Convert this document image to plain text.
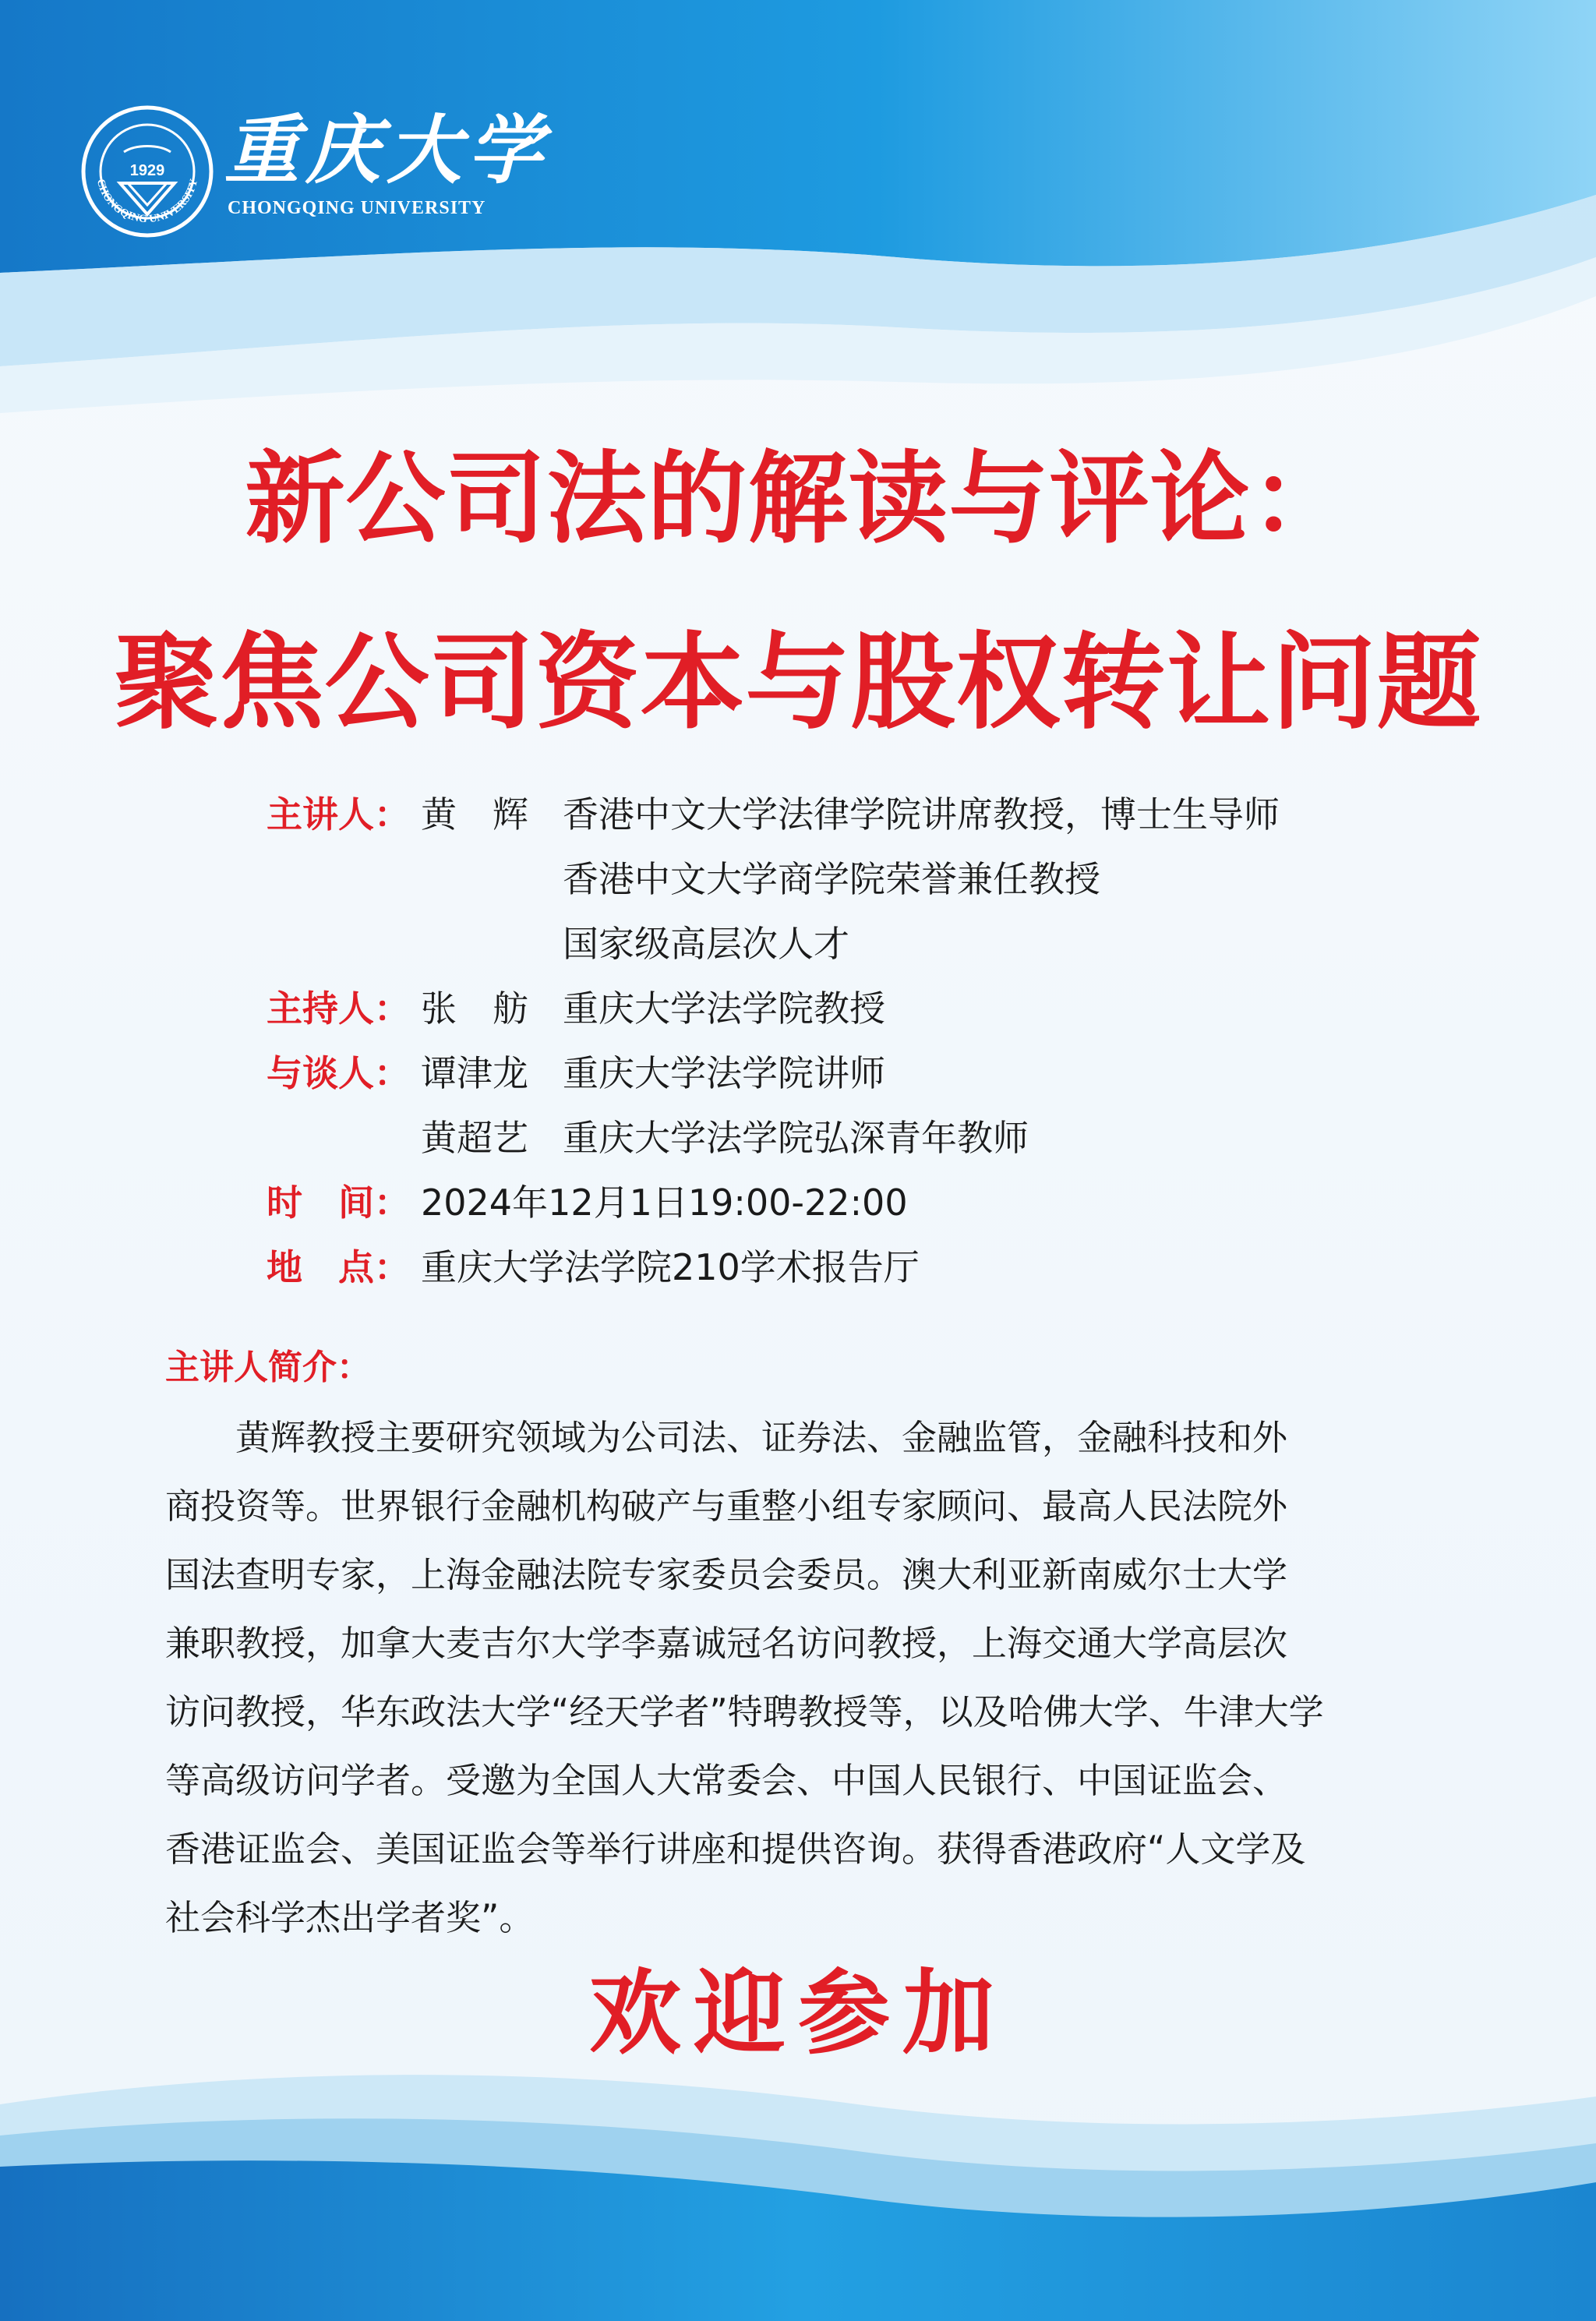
1929
CHONGQING UNIVERSITY 重庆大学
CHONGQING UNIVERSITY
新公司法的解读与评论：
聚焦公司资本与股权转让问题
主讲人： 黄　辉 香港中文大学法律学院讲席教授，博士生导师
香港中文大学商学院荣誉兼任教授
国家级高层次人才
主持人： 张　舫 重庆大学法学院教授
与谈人： 谭津龙 重庆大学法学院讲师
黄超艺 重庆大学法学院弘深青年教师
时　间： 2024年12月1日19:00-22:00
地　点： 重庆大学法学院210学术报告厅
主讲人简介：
　　黄辉教授主要研究领域为公司法、证券法、金融监管，金融科技和外
商投资等。世界银行金融机构破产与重整小组专家顾问、最高人民法院外
国法查明专家，上海金融法院专家委员会委员。澳大利亚新南威尔士大学
兼职教授，加拿大麦吉尔大学李嘉诚冠名访问教授，上海交通大学高层次
访问教授，华东政法大学“经天学者”特聘教授等，以及哈佛大学、牛津大学
等高级访问学者。受邀为全国人大常委会、中国人民银行、中国证监会、
香港证监会、美国证监会等举行讲座和提供咨询。获得香港政府“人文学及
社会科学杰出学者奖”。
欢迎参加
